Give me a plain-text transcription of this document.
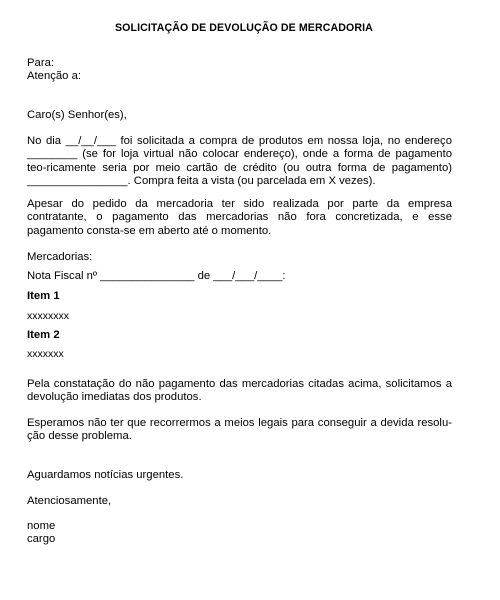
SOLICITAÇÃO DE DEVOLUÇÃO DE MERCADORIA
Para:
Atenção a:
Caro(s) Senhor(es),
No dia __/__/___ foi solicitada a compra de produtos em nossa loja, no endereço ________ (se for loja virtual não colocar endereço), onde a forma de pagamento teo-ricamente seria por meio cartão de crédito (ou outra forma de pagamento) ________________. Compra feita a vista (ou parcelada em X vezes).
Apesar do pedido da mercadoria ter sido realizada por parte da empresa contratante, o pagamento das mercadorias não fora concretizada, e esse pagamento consta-se em aberto até o momento.
Mercadorias:
Nota Fiscal nº _______________ de ___/___/____:
Item 1
xxxxxxxx
Item 2
xxxxxxx
Pela constatação do não pagamento das mercadorias citadas acima, solicitamos a devolução imediatas dos produtos.
Esperamos não ter que recorrermos a meios legais para conseguir a devida resolu-ção desse problema.
Aguardamos notícias urgentes.
Atenciosamente,
nome
cargo
